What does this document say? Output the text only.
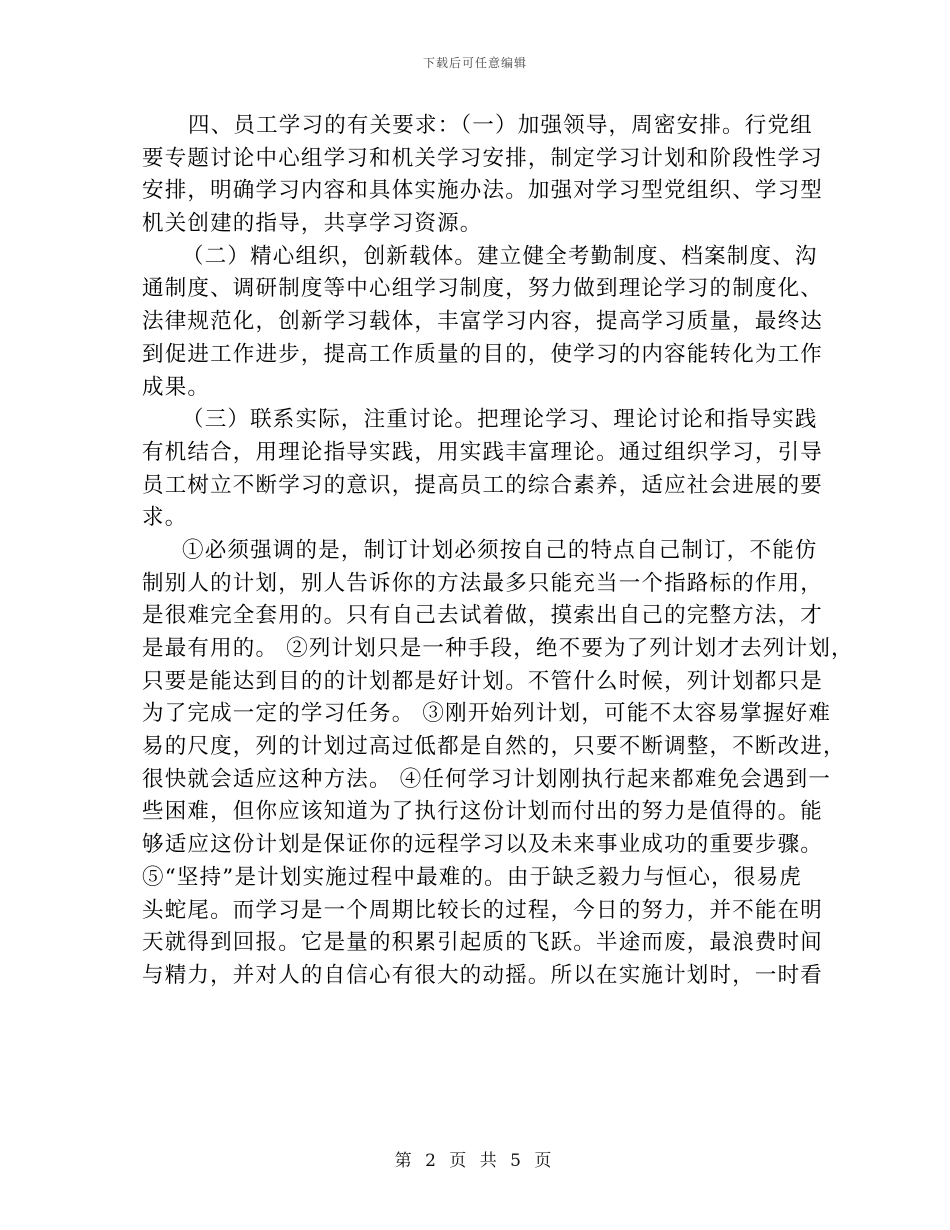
下载后可任意编辑
四、员工学习的有关要求：（一）加强领导，周密安排。行党组
要专题讨论中心组学习和机关学习安排，制定学习计划和阶段性学习
安排，明确学习内容和具体实施办法。加强对学习型党组织、学习型
机关创建的指导，共享学习资源。
（二）精心组织，创新载体。建立健全考勤制度、档案制度、沟
通制度、调研制度等中心组学习制度，努力做到理论学习的制度化、
法律规范化，创新学习载体，丰富学习内容，提高学习质量，最终达
到促进工作进步，提高工作质量的目的，使学习的内容能转化为工作
成果。
（三）联系实际，注重讨论。把理论学习、理论讨论和指导实践
有机结合，用理论指导实践，用实践丰富理论。通过组织学习，引导
员工树立不断学习的意识，提高员工的综合素养，适应社会进展的要
求。
①必须强调的是，制订计划必须按自己的特点自己制订，不能仿
制别人的计划，别人告诉你的方法最多只能充当一个指路标的作用，
是很难完全套用的。只有自己去试着做，摸索出自己的完整方法，才
是最有用的。 ②列计划只是一种手段，绝不要为了列计划才去列计划，
只要是能达到目的的计划都是好计划。不管什么时候，列计划都只是
为了完成一定的学习任务。 ③刚开始列计划，可能不太容易掌握好难
易的尺度，列的计划过高过低都是自然的，只要不断调整，不断改进，
很快就会适应这种方法。 ④任何学习计划刚执行起来都难免会遇到一
些困难，但你应该知道为了执行这份计划而付出的努力是值得的。能
够适应这份计划是保证你的远程学习以及未来事业成功的重要步骤。
⑤“坚持”是计划实施过程中最难的。由于缺乏毅力与恒心，很易虎
头蛇尾。而学习是一个周期比较长的过程，今日的努力，并不能在明
天就得到回报。它是量的积累引起质的飞跃。半途而废，最浪费时间
与精力，并对人的自信心有很大的动摇。所以在实施计划时，一时看
第 2 页 共 5 页
